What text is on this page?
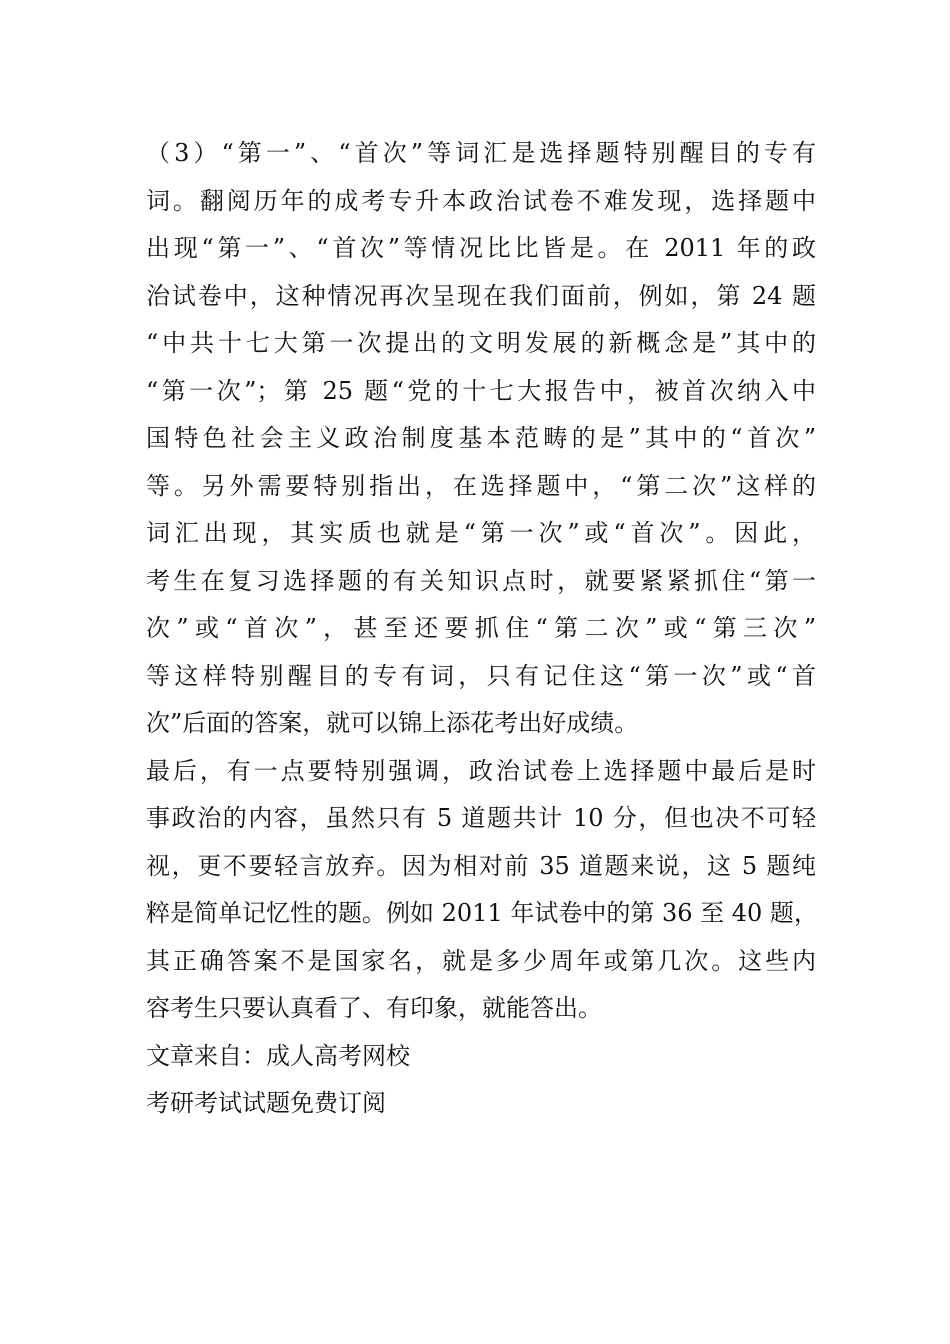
（3）“第一”、“首次”等词汇是选择题特别醒目的专有
词。翻阅历年的成考专升本政治试卷不难发现，选择题中
出现“第一”、“首次”等情况比比皆是。在 2011 年的政
治试卷中，这种情况再次呈现在我们面前，例如，第 24 题
“中共十七大第一次提出的文明发展的新概念是”其中的
“第一次”；第 25 题“党的十七大报告中，被首次纳入中
国特色社会主义政治制度基本范畴的是”其中的“首次”
等。另外需要特别指出，在选择题中，“第二次”这样的
词汇出现，其实质也就是“第一次”或“首次”。因此，
考生在复习选择题的有关知识点时，就要紧紧抓住“第一
次”或“首次”，甚至还要抓住“第二次”或“第三次”
等这样特别醒目的专有词，只有记住这“第一次”或“首
次”后面的答案，就可以锦上添花考出好成绩。
最后，有一点要特别强调，政治试卷上选择题中最后是时
事政治的内容，虽然只有 5 道题共计 10 分，但也决不可轻
视，更不要轻言放弃。因为相对前 35 道题来说，这 5 题纯
粹是简单记忆性的题。例如 2011 年试卷中的第 36 至 40 题，
其正确答案不是国家名，就是多少周年或第几次。这些内
容考生只要认真看了、有印象，就能答出。
文章来自：成人高考网校
考研考试试题免费订阅
